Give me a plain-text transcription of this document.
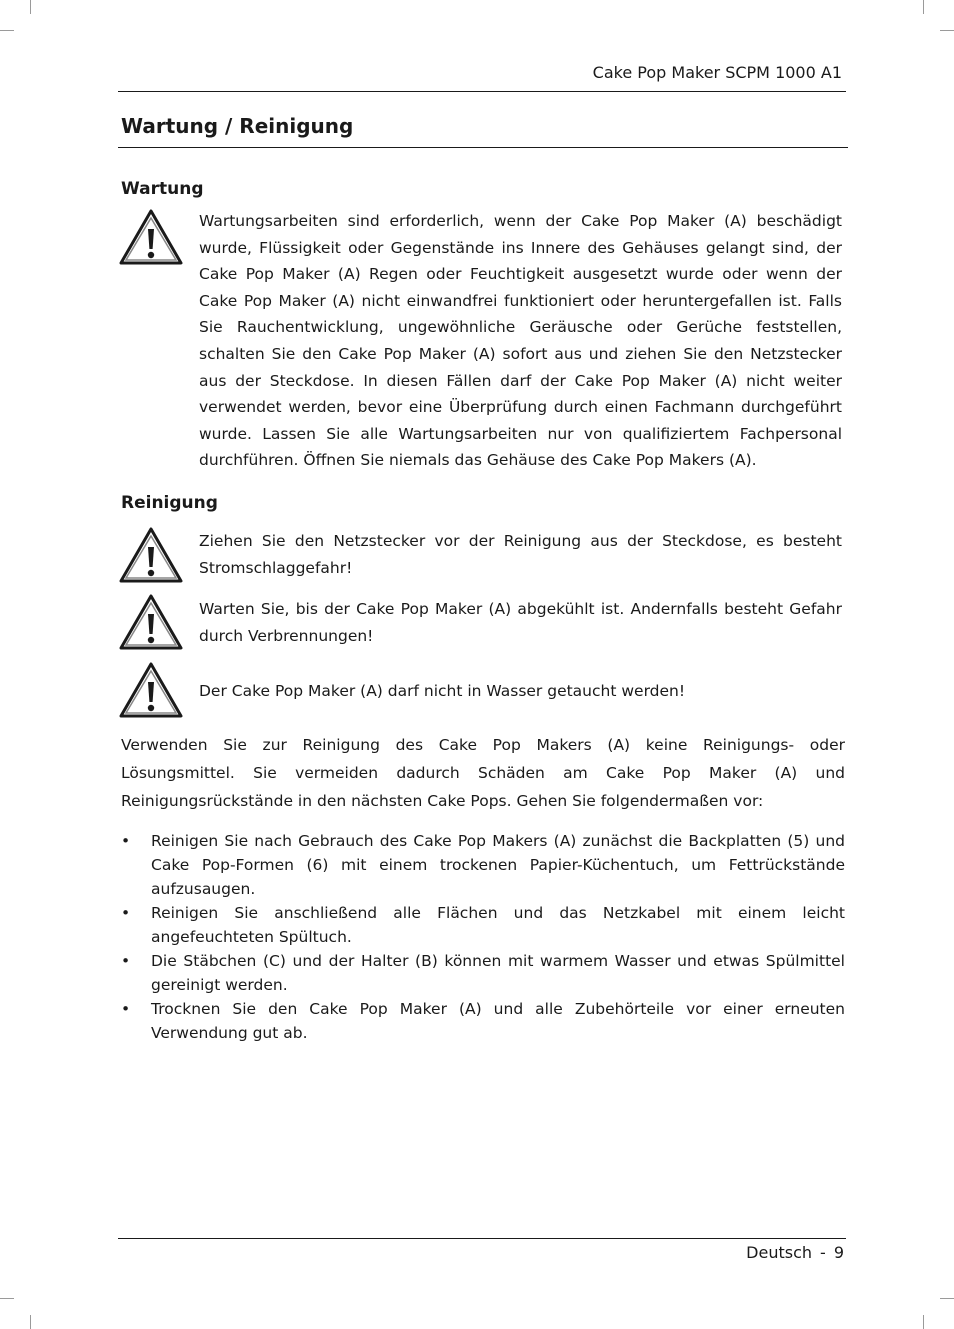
Cake Pop Maker SCPM 1000 A1
Wartung / Reinigung
Wartung

Wartungsarbeiten sind erforderlich, wenn der Cake Pop Maker (A) beschädigt wurde, Flüssigkeit oder Gegenstände ins Innere des Gehäuses gelangt sind, der Cake Pop Maker (A) Regen oder Feuchtigkeit ausgesetzt wurde oder wenn der Cake Pop Maker (A) nicht einwandfrei funktioniert oder heruntergefallen ist. Falls Sie Rauchentwicklung, ungewöhnliche Geräusche oder Gerüche feststellen, schalten Sie den Cake Pop Maker (A) sofort aus und ziehen Sie den Netzstecker aus der Steckdose. In diesen Fällen darf der Cake Pop Maker (A) nicht weiter verwendet werden, bevor eine Überprüfung durch einen Fachmann durchgeführt wurde. Lassen Sie alle Wartungsarbeiten nur von qualifiziertem Fachpersonal durchführen. Öffnen Sie niemals das Gehäuse des Cake Pop Makers (A).

Reinigung

Ziehen Sie den Netzstecker vor der Reinigung aus der Steckdose, es besteht Stromschlaggefahr!

Warten Sie, bis der Cake Pop Maker (A) abgekühlt ist. Andernfalls besteht Gefahr durch Verbrennungen!

Der Cake Pop Maker (A) darf nicht in Wasser getaucht werden!

Verwenden Sie zur Reinigung des Cake Pop Makers (A) keine Reinigungs- oder Lösungsmittel. Sie vermeiden dadurch Schäden am Cake Pop Maker (A) und Reinigungsrückstände in den nächsten Cake Pops. Gehen Sie folgendermaßen vor:

•	Reinigen Sie nach Gebrauch des Cake Pop Makers (A) zunächst die Backplatten (5) und Cake Pop-Formen (6) mit einem trockenen Papier-Küchentuch, um Fettrückstände aufzusaugen.
•	Reinigen Sie anschließend alle Flächen und das Netzkabel mit einem leicht angefeuchteten Spültuch.
•	Die Stäbchen (C) und der Halter (B) können mit warmem Wasser und etwas Spülmittel gereinigt werden.
•	Trocknen Sie den Cake Pop Maker (A) und alle Zubehörteile vor einer erneuten Verwendung gut ab.
Deutsch - 9
